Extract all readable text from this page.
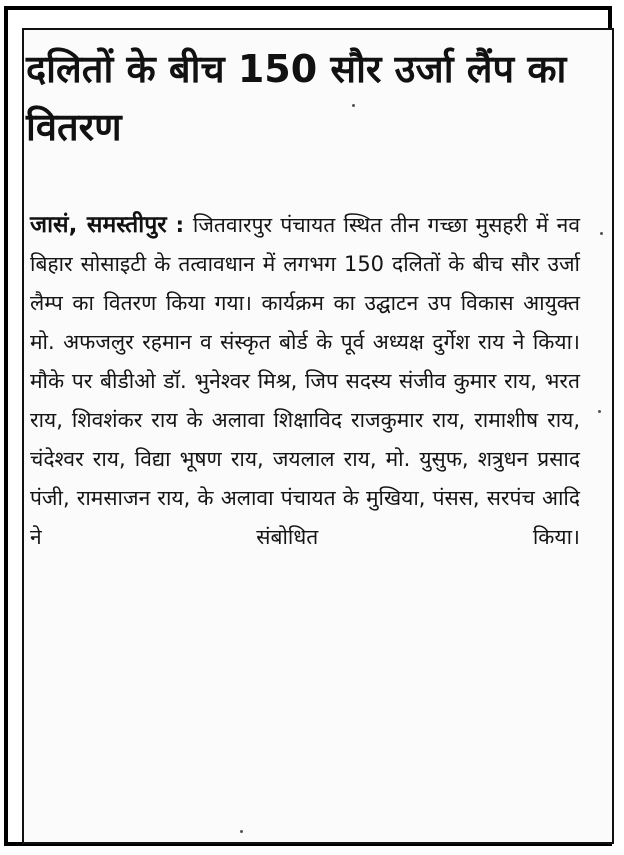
दलितों के बीच 150 सौर उर्जा लैंप का वितरण

जासं, समस्तीपुर : जितवारपुर पंचायत स्थित तीन गच्छा मुसहरी में नव बिहार सोसाइटी के तत्वावधान में लगभग 150 दलितों के बीच सौर उर्जा लैम्प का वितरण किया गया। कार्यक्रम का उद्घाटन उप विकास आयुक्त मो. अफजलुर रहमान व संस्कृत बोर्ड के पूर्व अध्यक्ष दुर्गेश राय ने किया। मौके पर बीडीओ डॉ. भुनेश्वर मिश्र, जिप सदस्य संजीव कुमार राय, भरत राय, शिवशंकर राय के अलावा शिक्षाविद राजकुमार राय, रामाशीष राय, चंदेश्वर राय, विद्या भूषण राय, जयलाल राय, मो. युसुफ, शत्रुधन प्रसाद पंजी, रामसाजन राय, के अलावा पंचायत के मुखिया, पंसस, सरपंच आदि ने संबोधित किया।
